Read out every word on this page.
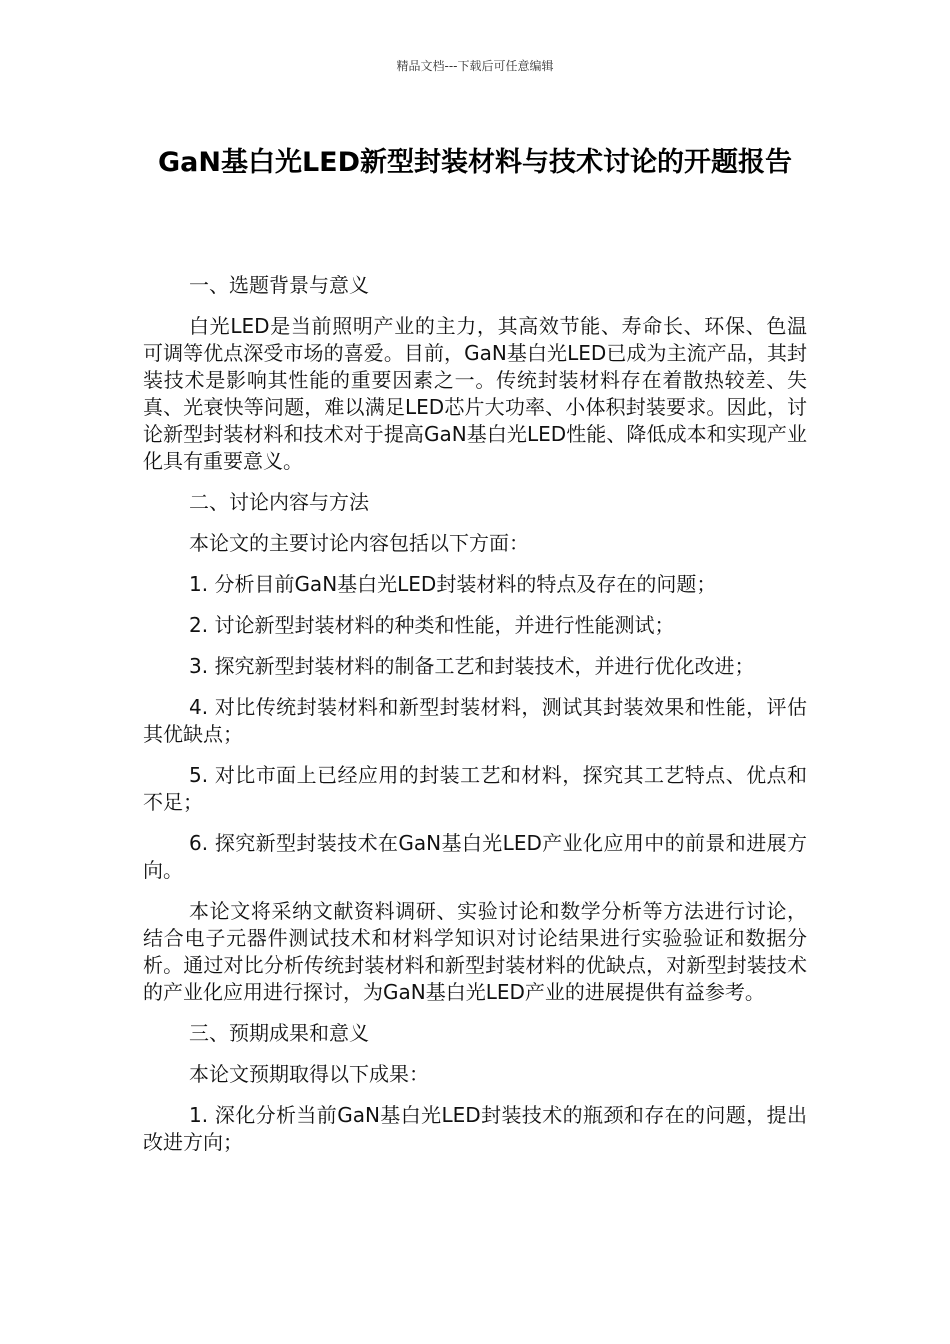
精品文档---下载后可任意编辑
GaN基白光LED新型封装材料与技术讨论的开题报告

一、选题背景与意义

白光LED是当前照明产业的主力，其高效节能、寿命长、环保、色温可调等优点深受市场的喜爱。目前，GaN基白光LED已成为主流产品，其封装技术是影响其性能的重要因素之一。传统封装材料存在着散热较差、失真、光衰快等问题，难以满足LED芯片大功率、小体积封装要求。因此，讨论新型封装材料和技术对于提高GaN基白光LED性能、降低成本和实现产业化具有重要意义。

二、讨论内容与方法

本论文的主要讨论内容包括以下方面：

1. 分析目前GaN基白光LED封装材料的特点及存在的问题；

2. 讨论新型封装材料的种类和性能，并进行性能测试；

3. 探究新型封装材料的制备工艺和封装技术，并进行优化改进；

4. 对比传统封装材料和新型封装材料，测试其封装效果和性能，评估其优缺点；

5. 对比市面上已经应用的封装工艺和材料，探究其工艺特点、优点和不足；

6. 探究新型封装技术在GaN基白光LED产业化应用中的前景和进展方向。

本论文将采纳文献资料调研、实验讨论和数学分析等方法进行讨论，结合电子元器件测试技术和材料学知识对讨论结果进行实验验证和数据分析。通过对比分析传统封装材料和新型封装材料的优缺点，对新型封装技术的产业化应用进行探讨，为GaN基白光LED产业的进展提供有益参考。

三、预期成果和意义

本论文预期取得以下成果：

1. 深化分析当前GaN基白光LED封装技术的瓶颈和存在的问题，提出改进方向；
